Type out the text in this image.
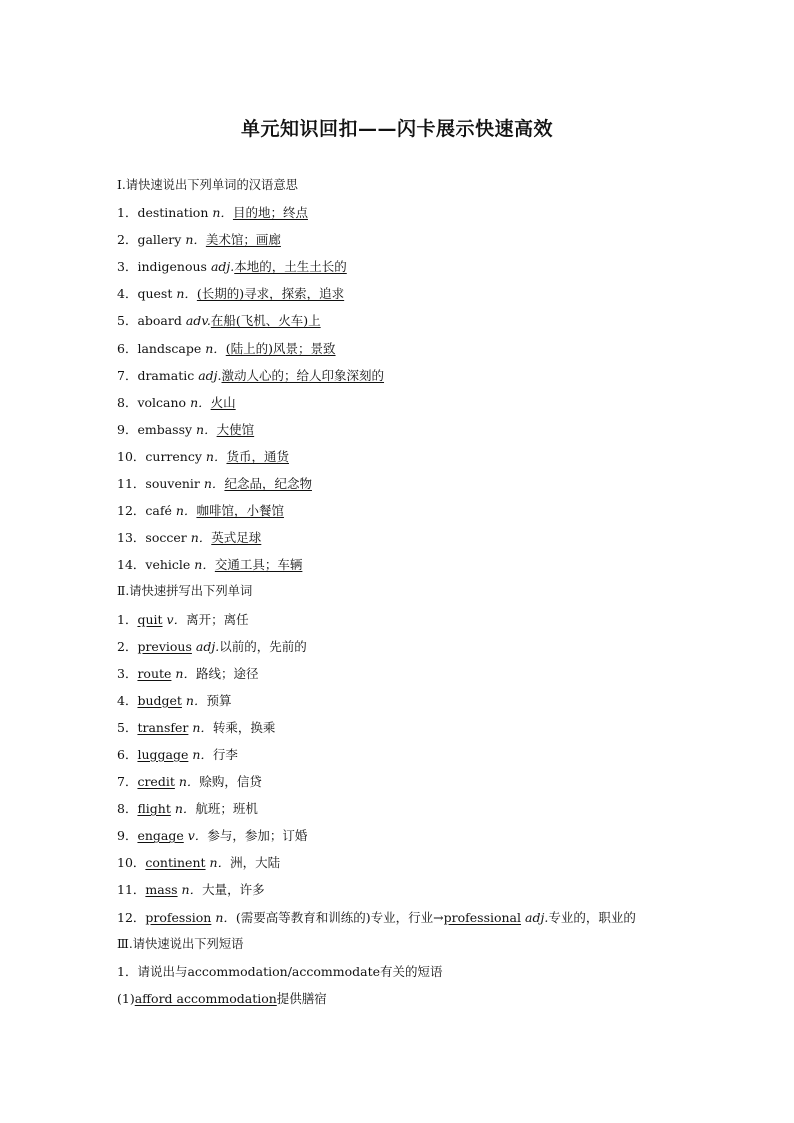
单元知识回扣——闪卡展示快速高效
Ⅰ.请快速说出下列单词的汉语意思
1．destination n．目的地；终点
2．gallery n．美术馆；画廊
3．indigenous adj.本地的，土生土长的
4．quest n．(长期的)寻求，探索，追求
5．aboard adv.在船(飞机、火车)上
6．landscape n．(陆上的)风景；景致
7．dramatic adj.激动人心的；给人印象深刻的
8．volcano n．火山
9．embassy n．大使馆
10．currency n．货币，通货
11．souvenir n．纪念品，纪念物
12．café n．咖啡馆，小餐馆
13．soccer n．英式足球
14．vehicle n．交通工具；车辆
Ⅱ.请快速拼写出下列单词
1．quit v．离开；离任
2．previous adj.以前的，先前的
3．route n．路线；途径
4．budget n．预算
5．transfer n．转乘，换乘
6．luggage n．行李
7．credit n．赊购，信贷
8．flight n．航班；班机
9．engage v．参与，参加；订婚
10．continent n．洲，大陆
11．mass n．大量，许多
12．profession n．(需要高等教育和训练的)专业，行业→professional adj.专业的，职业的
Ⅲ.请快速说出下列短语
1．请说出与accommodation/accommodate有关的短语
(1)afford accommodation提供膳宿
